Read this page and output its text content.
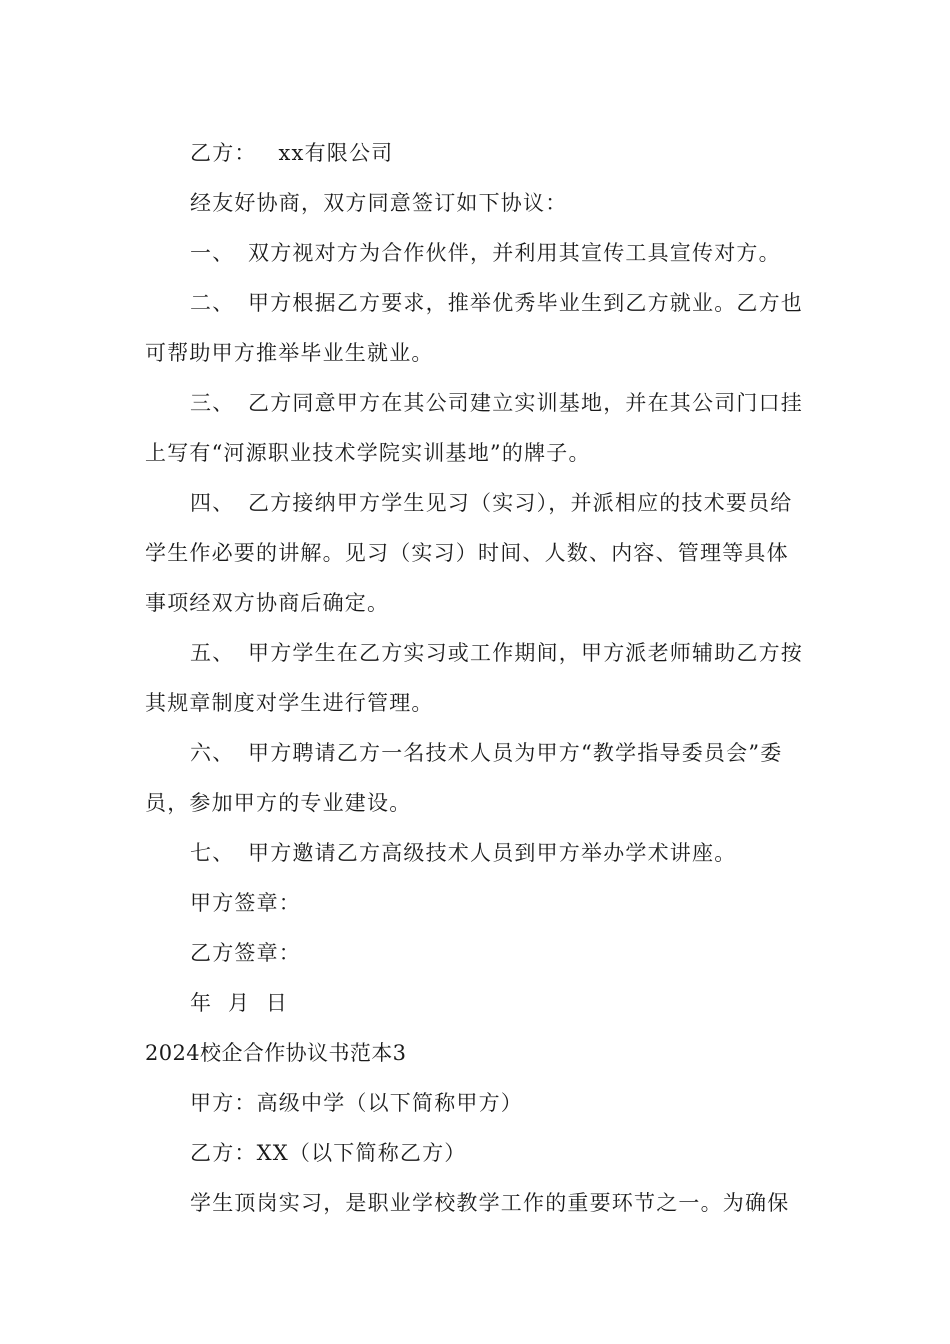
乙方： xx有限公司
经友好协商，双方同意签订如下协议：
一、 双方视对方为合作伙伴，并利用其宣传工具宣传对方。
二、 甲方根据乙方要求，推举优秀毕业生到乙方就业。乙方也
可帮助甲方推举毕业生就业。
三、 乙方同意甲方在其公司建立实训基地，并在其公司门口挂
上写有“河源职业技术学院实训基地”的牌子。
四、 乙方接纳甲方学生见习（实习），并派相应的技术要员给
学生作必要的讲解。见习（实习）时间、人数、内容、管理等具体
事项经双方协商后确定。
五、 甲方学生在乙方实习或工作期间，甲方派老师辅助乙方按
其规章制度对学生进行管理。
六、 甲方聘请乙方一名技术人员为甲方“教学指导委员会”委
员，参加甲方的专业建设。
七、 甲方邀请乙方高级技术人员到甲方举办学术讲座。
甲方签章：
乙方签章：
年  月  日
2024校企合作协议书范本3
甲方：高级中学（以下简称甲方）
乙方：XX（以下简称乙方）
学生顶岗实习，是职业学校教学工作的重要环节之一。为确保
